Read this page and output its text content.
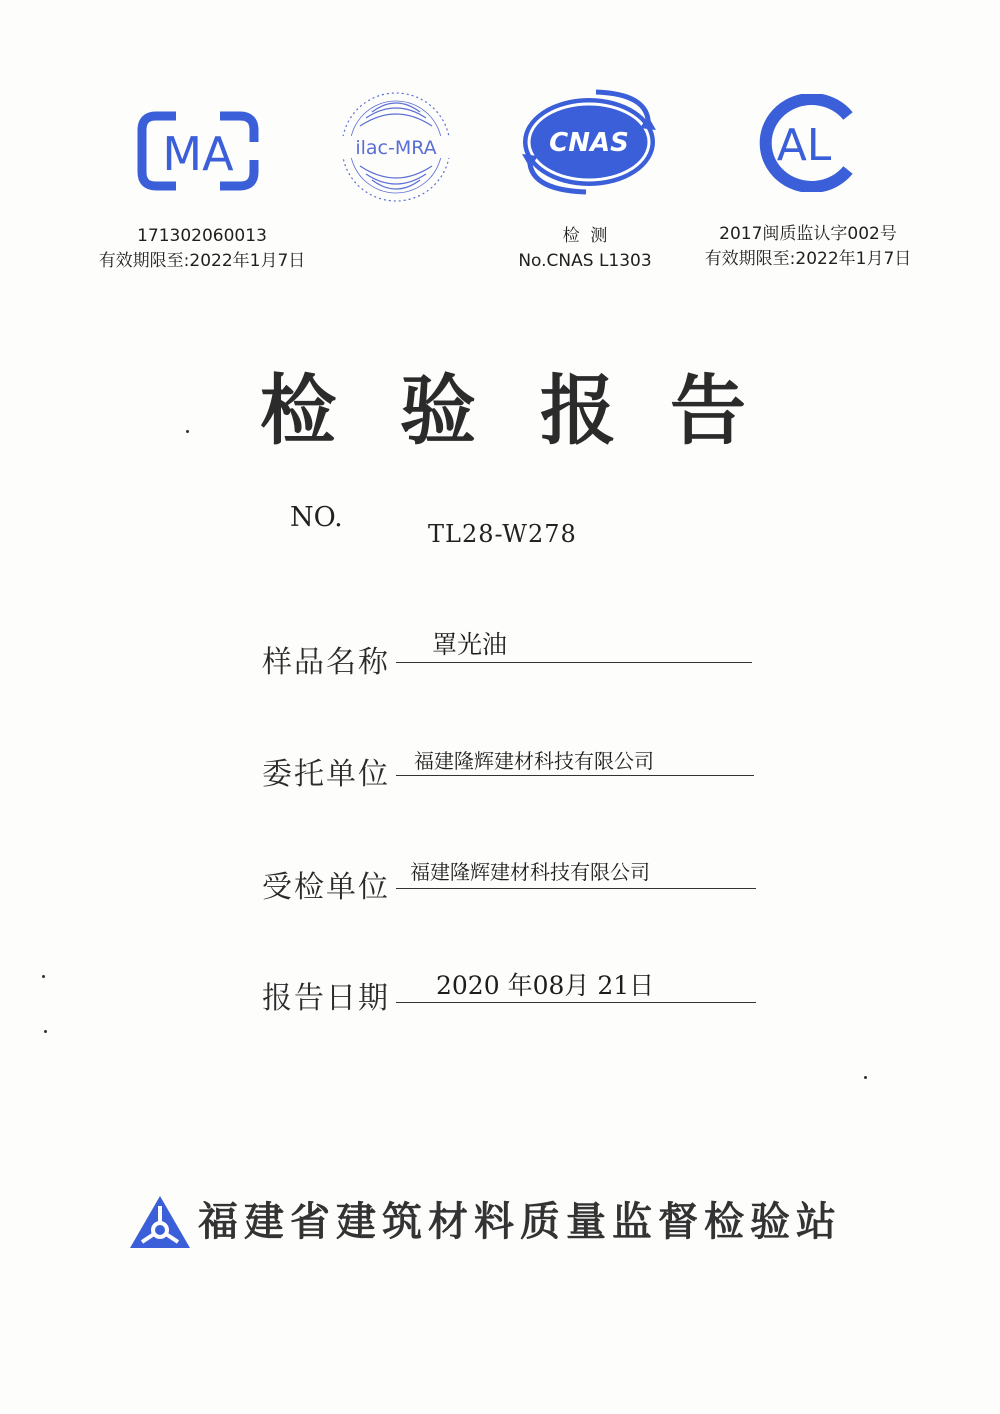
MA	ilac-MRA	CNAS	AL
171302060013
有效期限至:2022年1月7日
检  测
No.CNAS L1303
2017闽质监认字002号
有效期限至:2022年1月7日
检 验 报 告
NO.
TL28-W278
样品名称
罩光油
委托单位 福建隆辉建材科技有限公司
受检单位 福建隆辉建材科技有限公司
报告日期 2020 年08月 21日
福建省建筑材料质量监督检验站
